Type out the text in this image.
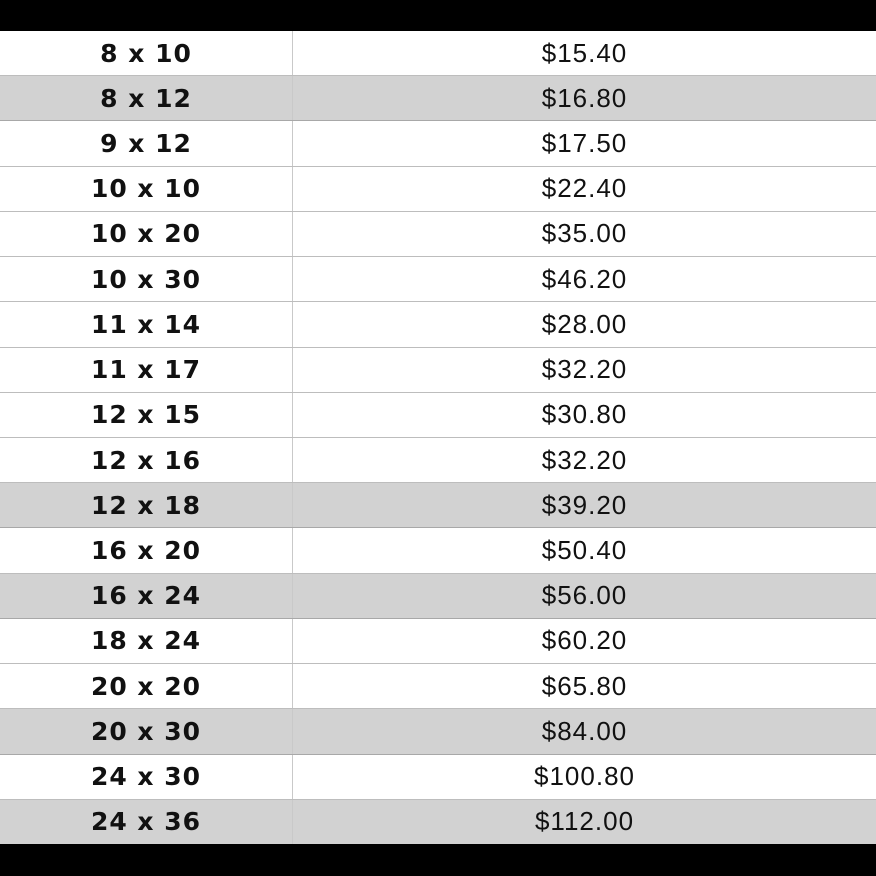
8 x 10	$15.40
8 x 12	$16.80
9 x 12	$17.50
10 x 10	$22.40
10 x 20	$35.00
10 x 30	$46.20
11 x 14	$28.00
11 x 17	$32.20
12 x 15	$30.80
12 x 16	$32.20
12 x 18	$39.20
16 x 20	$50.40
16 x 24	$56.00
18 x 24	$60.20
20 x 20	$65.80
20 x 30	$84.00
24 x 30	$100.80
24 x 36	$112.00
